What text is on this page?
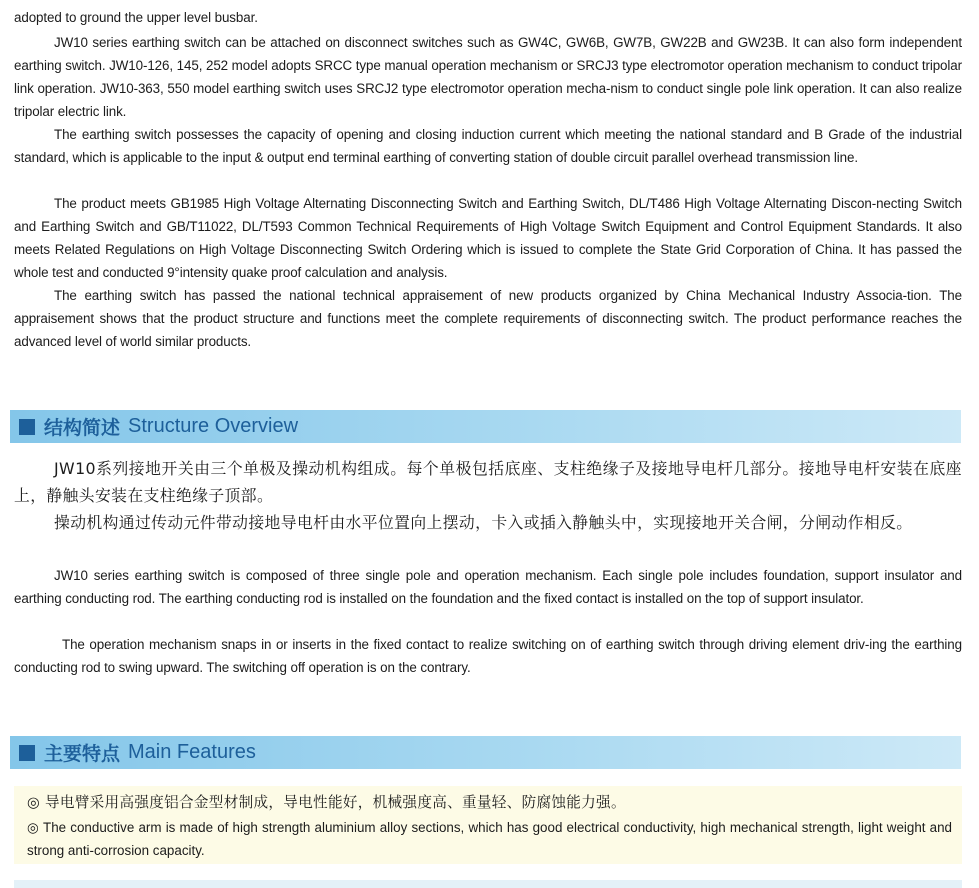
adopted to ground the upper level busbar.

JW10 series earthing switch can be attached on disconnect switches such as GW4C, GW6B, GW7B, GW22B and GW23B. It can also form independent earthing switch. JW10-126, 145, 252 model adopts SRCC type manual operation mechanism or SRCJ3 type electromotor operation mechanism to conduct tripolar link operation. JW10-363, 550 model earthing switch uses SRCJ2 type electromotor operation mecha-nism to conduct single pole link operation. It can also realize tripolar electric link.

The earthing switch possesses the capacity of opening and closing induction current which meeting the national standard and B Grade of the industrial standard, which is applicable to the input & output end terminal earthing of converting station of double circuit parallel overhead transmission line.

The product meets GB1985 High Voltage Alternating Disconnecting Switch and Earthing Switch, DL/T486 High Voltage Alternating Discon-necting Switch and Earthing Switch and GB/T11022, DL/T593 Common Technical Requirements of High Voltage Switch Equipment and Control Equipment Standards. It also meets Related Regulations on High Voltage Disconnecting Switch Ordering which is issued to complete the State Grid Corporation of China. It has passed the whole test and conducted 9°intensity quake proof calculation and analysis.

The earthing switch has passed the national technical appraisement of new products organized by China Mechanical Industry Associa-tion. The appraisement shows that the product structure and functions meet the complete requirements of disconnecting switch. The product performance reaches the advanced level of world similar products.

结构简述 Structure Overview

JW10系列接地开关由三个单极及操动机构组成。每个单极包括底座、支柱绝缘子及接地导电杆几部分。接地导电杆安装在底座上，静触头安装在支柱绝缘子顶部。

操动机构通过传动元件带动接地导电杆由水平位置向上摆动，卡入或插入静触头中，实现接地开关合闸，分闸动作相反。

JW10 series earthing switch is composed of three single pole and operation mechanism. Each single pole includes foundation, support insulator and earthing conducting rod. The earthing conducting rod is installed on the foundation and the fixed contact is installed on the top of support insulator.

The operation mechanism snaps in or inserts in the fixed contact to realize switching on of earthing switch through driving element driv-ing the earthing conducting rod to swing upward. The switching off operation is on the contrary.

主要特点 Main Features

◎ 导电臂采用高强度铝合金型材制成，导电性能好，机械强度高、重量轻、防腐蚀能力强。

◎ The conductive arm is made of high strength aluminium alloy sections, which has good electrical conductivity, high mechanical strength, light weight and strong anti-corrosion capacity.
